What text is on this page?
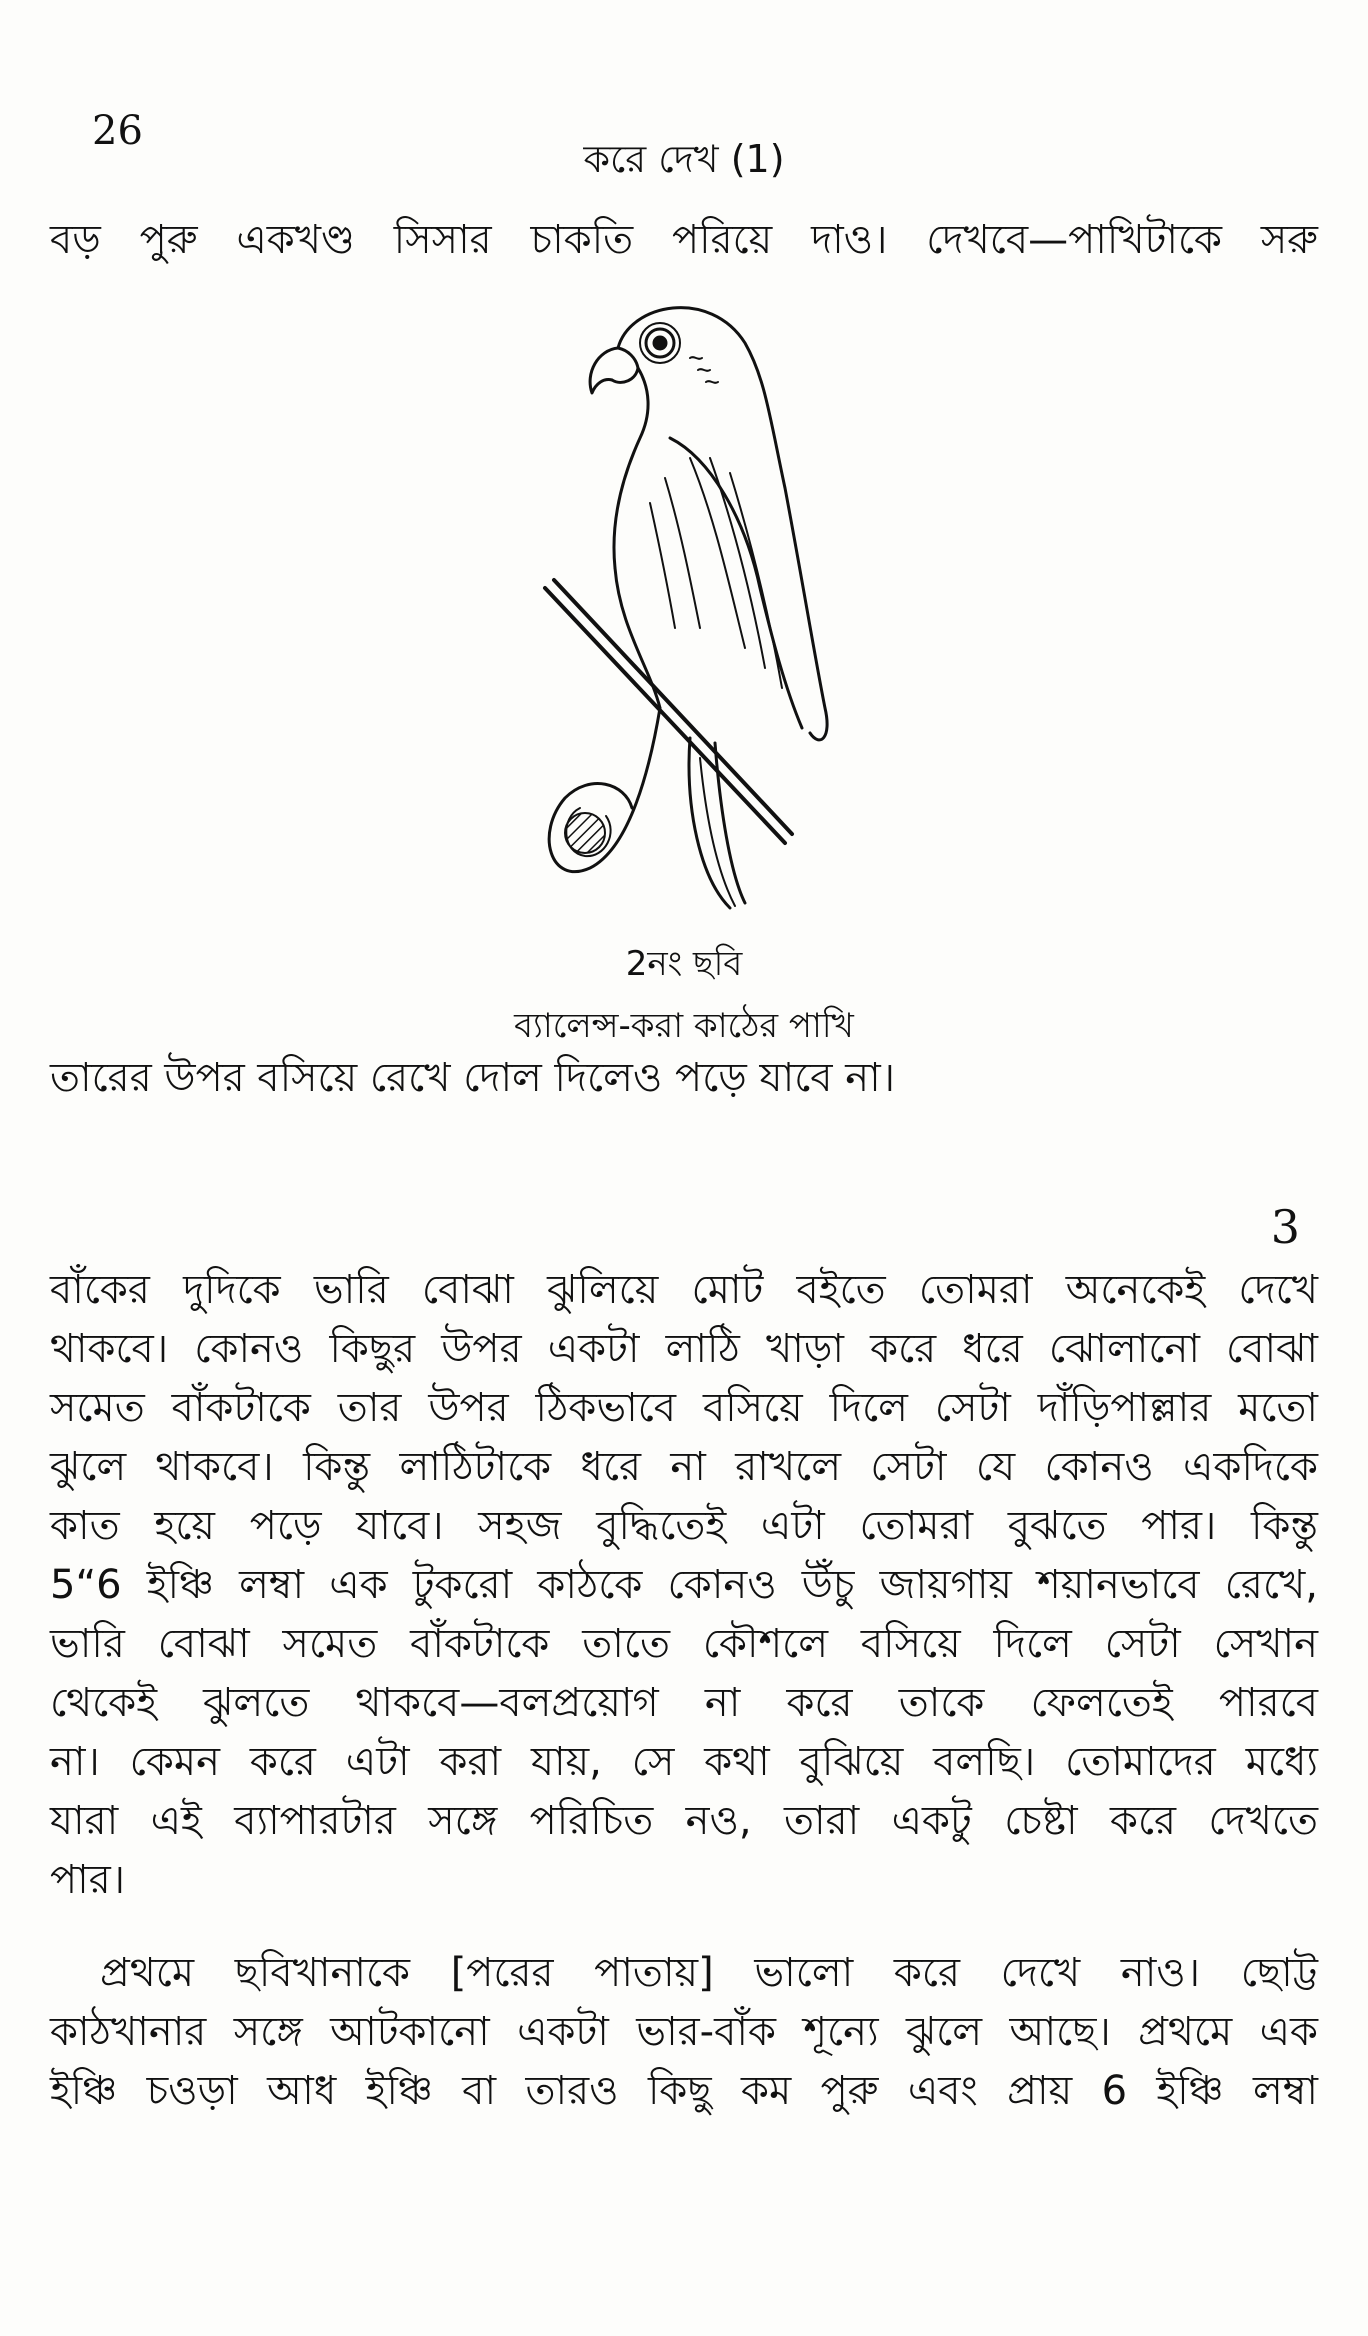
26
করে দেখ (1)
বড় পুরু একখণ্ড সিসার চাকতি পরিয়ে দাও। দেখবে—পাখিটাকে সরু
2নং ছবি
ব্যালেন্স-করা কাঠের পাখি
তারের উপর বসিয়ে রেখে দোল দিলেও পড়ে যাবে না।
3
বাঁকের দুদিকে ভারি বোঝা ঝুলিয়ে মোট বইতে তোমরা অনেকেই দেখে
থাকবে। কোনও কিছুর উপর একটা লাঠি খাড়া করে ধরে ঝোলানো বোঝা
সমেত বাঁকটাকে তার উপর ঠিকভাবে বসিয়ে দিলে সেটা দাঁড়িপাল্লার মতো
ঝুলে থাকবে। কিন্তু লাঠিটাকে ধরে না রাখলে সেটা যে কোনও একদিকে
কাত হয়ে পড়ে যাবে। সহজ বুদ্ধিতেই এটা তোমরা বুঝতে পার। কিন্তু
5“6 ইঞ্চি লম্বা এক টুকরো কাঠকে কোনও উঁচু জায়গায় শয়ানভাবে রেখে,
ভারি বোঝা সমেত বাঁকটাকে তাতে কৌশলে বসিয়ে দিলে সেটা সেখান
থেকেই ঝুলতে থাকবে—বলপ্রয়োগ না করে তাকে ফেলতেই পারবে
না। কেমন করে এটা করা যায়, সে কথা বুঝিয়ে বলছি। তোমাদের মধ্যে
যারা এই ব্যাপারটার সঙ্গে পরিচিত নও, তারা একটু চেষ্টা করে দেখতে
পার।
প্রথমে ছবিখানাকে [পরের পাতায়] ভালো করে দেখে নাও। ছোট্ট
কাঠখানার সঙ্গে আটকানো একটা ভার-বাঁক শূন্যে ঝুলে আছে। প্রথমে এক
ইঞ্চি চওড়া আধ ইঞ্চি বা তারও কিছু কম পুরু এবং প্রায় 6 ইঞ্চি লম্বা
